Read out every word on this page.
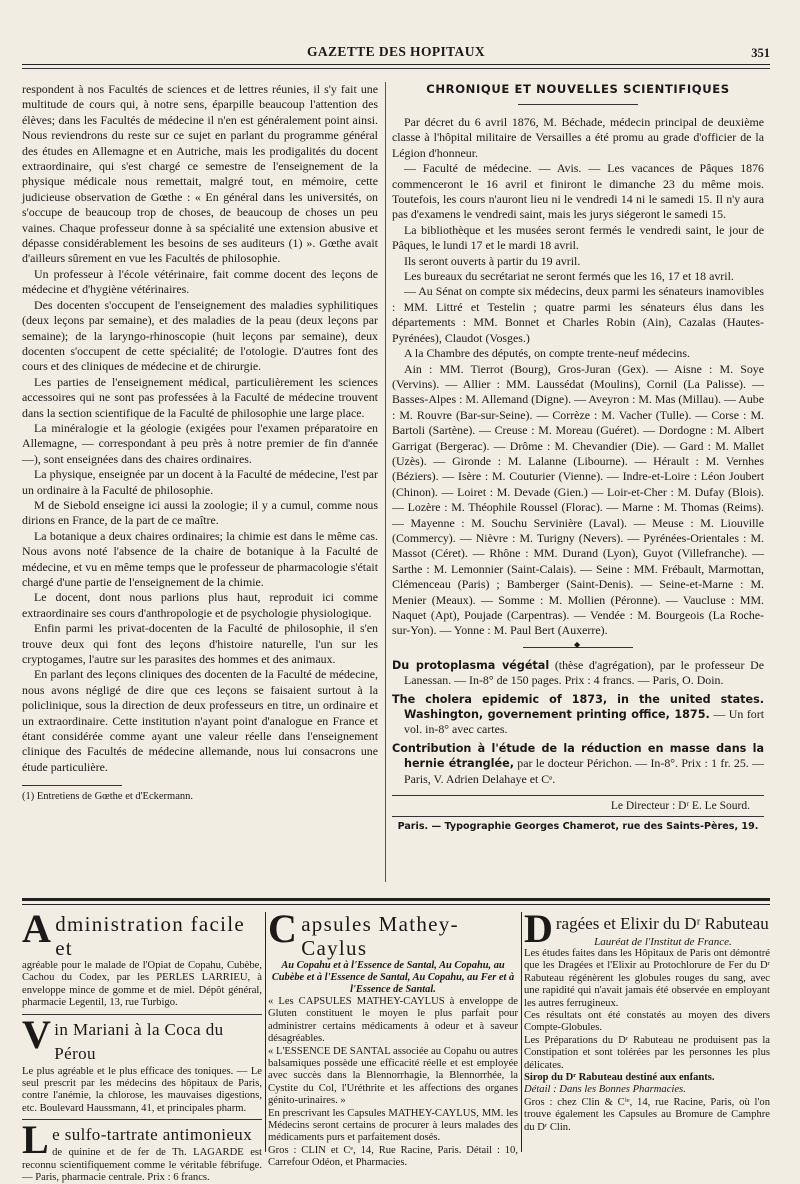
GAZETTE DES HOPITAUX	351

respondent à nos Facultés de sciences et de lettres réunies, il s'y fait une multitude de cours qui, à notre sens, éparpille beaucoup l'attention des élèves; dans les Facultés de médecine il n'en est généralement point ainsi. Nous reviendrons du reste sur ce sujet en parlant du programme général des études en Allemagne et en Autriche, mais les prodigalités du docent extraordinaire, qui s'est chargé ce semestre de l'enseignement de la physique médicale nous remettait, malgré tout, en mémoire, cette judicieuse observation de Gœthe : « En général dans les universités, on s'occupe de beaucoup trop de choses, de beaucoup de choses un peu vaines. Chaque professeur donne à sa spécialité une extension abusive et dépasse considérablement les besoins de ses auditeurs (1) ». Gœthe avait d'ailleurs sûrement en vue les Facultés de philosophie.

Un professeur à l'école vétérinaire, fait comme docent des leçons de médecine et d'hygiène vétérinaires.

Des docenten s'occupent de l'enseignement des maladies syphilitiques (deux leçons par semaine), et des maladies de la peau (deux leçons par semaine); de la laryngo-rhinoscopie (huit leçons par semaine), deux docenten s'occupent de cette spécialité; de l'otologie. D'autres font des cours et des cliniques de médecine et de chirurgie.

Les parties de l'enseignement médical, particulièrement les sciences accessoires qui ne sont pas professées à la Faculté de médecine trouvent dans la section scientifique de la Faculté de philosophie une large place.

La minéralogie et la géologie (exigées pour l'examen préparatoire en Allemagne, — correspondant à peu près à notre premier de fin d'année —), sont enseignées dans des chaires ordinaires.

La physique, enseignée par un docent à la Faculté de médecine, l'est par un ordinaire à la Faculté de philosophie.

M de Siebold enseigne ici aussi la zoologie; il y a cumul, comme nous dirions en France, de la part de ce maître.

La botanique a deux chaires ordinaires; la chimie est dans le même cas. Nous avons noté l'absence de la chaire de botanique à la Faculté de médecine, et vu en même temps que le professeur de pharmacologie s'était chargé d'une partie de l'enseignement de la chimie.

Le docent, dont nous parlions plus haut, reproduit ici comme extraordinaire ses cours d'anthropologie et de psychologie physiologique.

Enfin parmi les privat-docenten de la Faculté de philosophie, il s'en trouve deux qui font des leçons d'histoire naturelle, l'un sur les cryptogames, l'autre sur les parasites des hommes et des animaux.

En parlant des leçons cliniques des docenten de la Faculté de médecine, nous avons négligé de dire que ces leçons se faisaient surtout à la policlinique, sous la direction de deux professeurs en titre, un ordinaire et un extraordinaire. Cette institution n'ayant point d'analogue en France et étant considérée comme ayant une valeur réelle dans l'enseignement clinique des Facultés de médecine allemande, nous lui consacrons une étude particulière.

(1) Entretiens de Gœthe et d'Eckermann.
CHRONIQUE ET NOUVELLES SCIENTIFIQUES

Par décret du 6 avril 1876, M. Béchade, médecin principal de deuxième classe à l'hôpital militaire de Versailles a été promu au grade d'officier de la Légion d'honneur.

— Faculté de médecine. — Avis. — Les vacances de Pâques 1876 commenceront le 16 avril et finiront le dimanche 23 du même mois. Toutefois, les cours n'auront lieu ni le vendredi 14 ni le samedi 15. Il n'y aura pas d'examens le vendredi saint, mais les jurys siégeront le samedi 15.

La bibliothèque et les musées seront fermés le vendredi saint, le jour de Pâques, le lundi 17 et le mardi 18 avril.

Ils seront ouverts à partir du 19 avril.

Les bureaux du secrétariat ne seront fermés que les 16, 17 et 18 avril.

— Au Sénat on compte six médecins, deux parmi les sénateurs inamovibles : MM. Littré et Testelin ; quatre parmi les sénateurs élus dans les départements : MM. Bonnet et Charles Robin (Ain), Cazalas (Hautes-Pyrénées), Claudot (Vosges.)

A la Chambre des députés, on compte trente-neuf médecins.

Ain : MM. Tierrot (Bourg), Gros-Juran (Gex). — Aisne : M. Soye (Vervins). — Allier : MM. Laussédat (Moulins), Cornil (La Palisse). — Basses-Alpes : M. Allemand (Digne). — Aveyron : M. Mas (Millau). — Aube : M. Rouvre (Bar-sur-Seine). — Corrèze : M. Vacher (Tulle). — Corse : M. Bartoli (Sartène). — Creuse : M. Moreau (Guéret). — Dordogne : M. Albert Garrigat (Bergerac). — Drôme : M. Chevandier (Die). — Gard : M. Mallet (Uzès). — Gironde : M. Lalanne (Libourne). — Hérault : M. Vernhes (Béziers). — Isère : M. Couturier (Vienne). — Indre-et-Loire : Léon Joubert (Chinon). — Loiret : M. Devade (Gien.) — Loir-et-Cher : M. Dufay (Blois). — Lozère : M. Théophile Roussel (Florac). — Marne : M. Thomas (Reims). — Mayenne : M. Souchu Servinière (Laval). — Meuse : M. Liouville (Commercy). — Nièvre : M. Turigny (Nevers). — Pyrénées-Orientales : M. Massot (Céret). — Rhône : MM. Durand (Lyon), Guyot (Villefranche). — Sarthe : M. Lemonnier (Saint-Calais). — Seine : MM. Frébault, Marmottan, Clémenceau (Paris) ; Bamberger (Saint-Denis). — Seine-et-Marne : M. Menier (Meaux). — Somme : M. Mollien (Péronne). — Vaucluse : MM. Naquet (Apt), Poujade (Carpentras). — Vendée : M. Bourgeois (La Roche-sur-Yon). — Yonne : M. Paul Bert (Auxerre).

◆

Du protoplasma végétal (thèse d'agrégation), par le professeur De Lanessan. — In-8° de 150 pages. Prix : 4 francs. — Paris, O. Doin.

The cholera epidemic of 1873, in the united states. Washington, governement printing office, 1875. — Un fort vol. in-8° avec cartes.

Contribution à l'étude de la réduction en masse dans la hernie étranglée, par le docteur Périchon. — In-8°. Prix : 1 fr. 25. — Paris, V. Adrien Delahaye et Cᵉ.

Le Directeur : Dʳ E. Le Sourd.
Paris. — Typographie Georges Chamerot, rue des Saints-Pères, 19.

Administration facile et

agréable pour le malade de l'Opiat de Copahu, Cubèbe, Cachou du Codex, par les PERLES LARRIEU, à enveloppe mince de gomme et de miel. Dépôt général, pharmacie Legentil, 13, rue Turbigo.

Vin Mariani à la Coca du Pérou

Le plus agréable et le plus efficace des toniques. — Le seul prescrit par les médecins des hôpitaux de Paris, contre l'anémie, la chlorose, les mauvaises digestions, etc. Boulevard Haussmann, 41, et principales pharm.

Le sulfo-tartrate antimonieux

de quinine et de fer de Th. LAGARDE est reconnu scientifiquement comme le véritable fébrifuge. — Paris, pharmacie centrale. Prix : 6 francs.

Capsules Mathey-Caylus

Au Copahu et à l'Essence de Santal, Au Copahu, au Cubèbe et à l'Essence de Santal, Au Copahu, au Fer et à l'Essence de Santal.

« Les CAPSULES MATHEY-CAYLUS à enveloppe de Gluten constituent le moyen le plus parfait pour administrer certains médicaments à odeur et à saveur désagréables.

« L'ESSENCE DE SANTAL associée au Copahu ou autres balsamiques possède une efficacité réelle et est employée avec succès dans la Blennorrhagie, la Blennorrhée, la Cystite du Col, l'Uréthrite et les affections des organes génito-urinaires. »

En prescrivant les Capsules MATHEY-CAYLUS, MM. les Médecins seront certains de procurer à leurs malades des médicaments purs et parfaitement dosés.

Gros : CLIN et Cᵉ, 14, Rue Racine, Paris. Détail : 10, Carrefour Odéon, et Pharmacies.

Dragées et Elixir du Dʳ Rabuteau

Lauréat de l'Institut de France.

Les études faites dans les Hôpitaux de Paris ont démontré que les Dragées et l'Elixir au Protochlorure de Fer du Dʳ Rabuteau régénèrent les globules rouges du sang, avec une rapidité qui n'avait jamais été observée en employant les autres ferrugineux.

Ces résultats ont été constatés au moyen des divers Compte-Globules.

Les Préparations du Dʳ Rabuteau ne produisent pas la Constipation et sont tolérées par les personnes les plus délicates.

Sirop du Dʳ Rabuteau destiné aux enfants.

Détail : Dans les Bonnes Pharmacies.

Gros : chez Clin & Cⁱᵉ, 14, rue Racine, Paris, où l'on trouve également les Capsules au Bromure de Camphre du Dʳ Clin.
